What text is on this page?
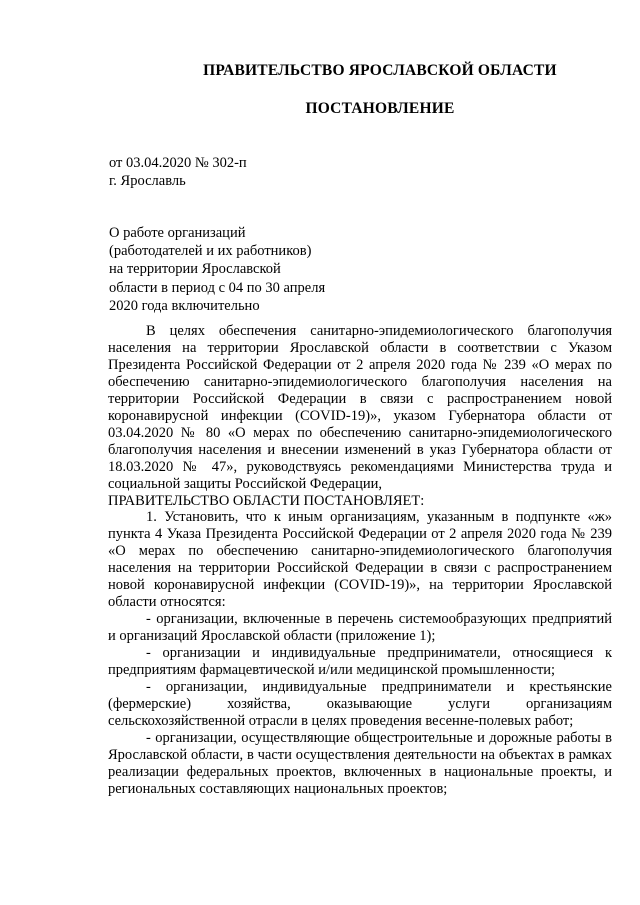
ПРАВИТЕЛЬСТВО ЯРОСЛАВСКОЙ ОБЛАСТИ
ПОСТАНОВЛЕНИЕ
от 03.04.2020 № 302-п
г. Ярославль
О работе организаций
(работодателей и их работников)
на территории Ярославской
области в период с 04 по 30 апреля
2020 года включительно

В целях обеспечения санитарно-эпидемиологического благополучия населения на территории Ярославской области в соответствии с Указом Президента Российской Федерации от 2 апреля 2020 года № 239 «О мерах по обеспечению санитарно-эпидемиологического благополучия населения на территории Российской Федерации в связи с распространением новой коронавирусной инфекции (COVID-19)», указом Губернатора области от 03.04.2020 № 80 «О мерах по обеспечению санитарно-эпидемиологического благополучия населения и внесении изменений в указ Губернатора области от 18.03.2020 № 47», руководствуясь рекомендациями Министерства труда и социальной защиты Российской Федерации,

ПРАВИТЕЛЬСТВО ОБЛАСТИ ПОСТАНОВЛЯЕТ:

1. Установить, что к иным организациям, указанным в подпункте «ж» пункта 4 Указа Президента Российской Федерации от 2 апреля 2020 года № 239 «О мерах по обеспечению санитарно-эпидемиологического благополучия населения на территории Российской Федерации в связи с распространением новой коронавирусной инфекции (COVID-19)», на территории Ярославской области относятся:

- организации, включенные в перечень системообразующих предприятий и организаций Ярославской области (приложение 1);

- организации и индивидуальные предприниматели, относящиеся к предприятиям фармацевтической и/или медицинской промышленности;

- организации, индивидуальные предприниматели и крестьянские (фермерские) хозяйства, оказывающие услуги организациям сельскохозяйственной отрасли в целях проведения весенне-полевых работ;

- организации, осуществляющие общестроительные и дорожные работы в Ярославской области, в части осуществления деятельности на объектах в рамках реализации федеральных проектов, включенных в национальные проекты, и региональных составляющих национальных проектов;
